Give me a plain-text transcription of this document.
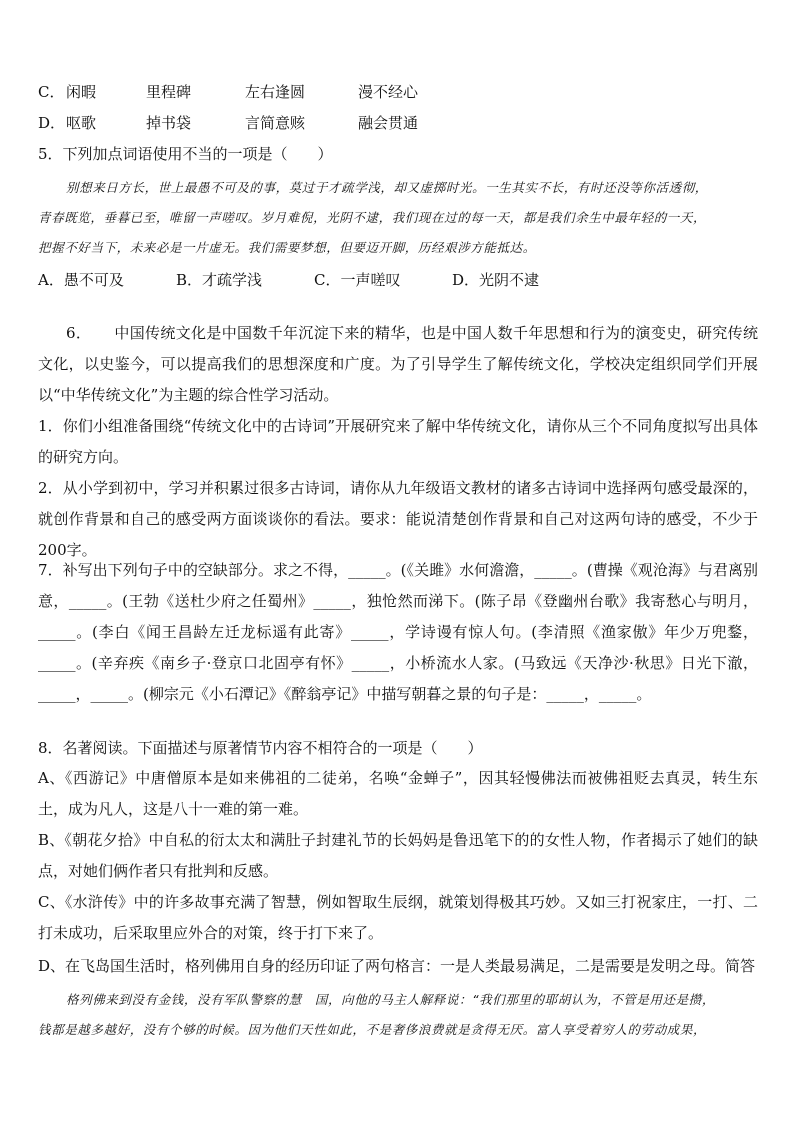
C． 闲暇	里程碑	左右逢圆	漫不经心
D． 呕歌	掉书袋	言简意赅	融会贯通
5．下列加点词语使用不当的一项是（　　）
别想来日方长，世上最愚不可及的事，莫过于才疏学浅，却又虚掷时光。一生其实不长，有时还没等你活透彻，
青春既览，垂暮已至，唯留一声嗟叹。岁月难倪，光阴不逮，我们现在过的每一天，都是我们余生中最年轻的一天，
把握不好当下，未来必是一片虚无。我们需要梦想，但要迈开脚，历经艰涉方能抵达。
A．愚不可及	B．才疏学浅	C．一声嗟叹	D．光阴不逮
6．　　中国传统文化是中国数千年沉淀下来的精华，也是中国人数千年思想和行为的演变史，研究传统文化，以史鉴今，可以提高我们的思想深度和广度。为了引导学生了解传统文化，学校决定组织同学们开展以“中华传统文化”为主题的综合性学习活动。
1．你们小组准备围绕“传统文化中的古诗词”开展研究来了解中华传统文化，请你从三个不同角度拟写出具体的研究方向。
2．从小学到初中，学习并积累过很多古诗词，请你从九年级语文教材的诸多古诗词中选择两句感受最深的，就创作背景和自己的感受两方面谈谈你的看法。要求：能说清楚创作背景和自己对这两句诗的感受，不少于 200字。
7．补写出下列句子中的空缺部分。求之不得，_____。(《关雎》水何澹澹，_____。(曹操《观沧海》与君离别意，_____。(王勃《送杜少府之任蜀州》_____，独怆然而涕下。(陈子昂《登幽州台歌》我寄愁心与明月，_____。(李白《闻王昌龄左迁龙标遥有此寄》_____，学诗谩有惊人句。(李清照《渔家傲》年少万兜鍪，_____。(辛弃疾《南乡子·登京口北固亭有怀》_____，小桥流水人家。(马致远《天净沙·秋思》日光下澈，_____，_____。(柳宗元《小石潭记》《醉翁亭记》中描写朝暮之景的句子是：_____，_____。
8．名著阅读。下面描述与原著情节内容不相符合的一项是（　　）
A、《西游记》中唐僧原本是如来佛祖的二徒弟，名唤“金蝉子”，因其轻慢佛法而被佛祖贬去真灵，转生东土，成为凡人，这是八十一难的第一难。
B、《朝花夕拾》中自私的衍太太和满肚子封建礼节的长妈妈是鲁迅笔下的的女性人物，作者揭示了她们的缺点，对她们俩作者只有批判和反感。
C、《水浒传》中的许多故事充满了智慧，例如智取生辰纲，就策划得极其巧妙。又如三打祝家庄，一打、二打未成功，后采取里应外合的对策，终于打下来了。
D、在飞岛国生活时，格列佛用自身的经历印证了两句格言：一是人类最易满足，二是需要是发明之母。简答
格列佛来到没有金钱，没有军队警察的慧　国，向他的马主人解释说：“我们那里的耶胡认为，不管是用还是攒，
钱都是越多越好，没有个够的时候。因为他们天性如此，不是奢侈浪费就是贪得无厌。富人享受着穷人的劳动成果，
